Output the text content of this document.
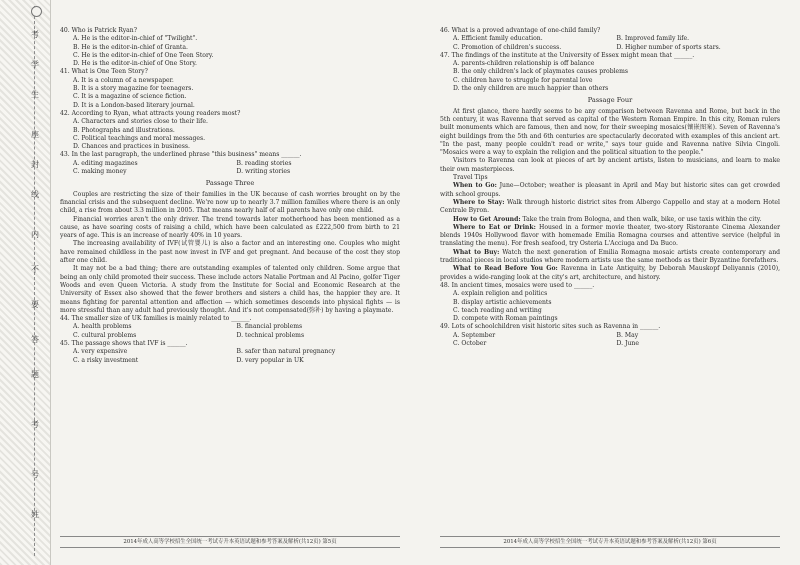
考
学
生
座
封
线
内
不
要
答
题
考
号
姓

40. Who is Patrick Ryan?

A. He is the editor-in-chief of "Twilight".

B. He is the editor-in-chief of Granta.

C. He is the editor-in-chief of One Teen Story.

D. He is the editor-in-chief of One Story.

41. What is One Teen Story?

A. It is a column of a newspaper.

B. It is a story magazine for teenagers.

C. It is a magazine of science fiction.

D. It is a London-based literary journal.

42. According to Ryan, what attracts young readers most?

A. Characters and stories close to their life.

B. Photographs and illustrations.

C. Political teachings and moral messages.

D. Chances and practices in business.

43. In the last paragraph, the underlined phrase "this business" means ______.

A. editing magazines	B. reading stories
C. making money	D. writing stories

Passage Three

Couples are restricting the size of their families in the UK because of cash worries brought on by the financial crisis and the subsequent decline. We're now up to nearly 3.7 million families where there is an only child, a rise from about 3.3 million in 2005. That means nearly half of all parents have only one child.

Financial worries aren't the only driver. The trend towards later motherhood has been mentioned as a cause, as have soaring costs of raising a child, which have been calculated as £222,500 from birth to 21 years of age. This is an increase of nearly 40% in 10 years.

The increasing availability of IVF(试管婴儿) is also a factor and an interesting one. Couples who might have remained childless in the past now invest in IVF and get pregnant. And because of the cost they stop after one child.

It may not be a bad thing; there are outstanding examples of talented only children. Some argue that being an only child promoted their success. These include actors Natalie Portman and Al Pacino, golfer Tiger Woods and even Queen Victoria. A study from the Institute for Social and Economic Research at the University of Essex also showed that the fewer brothers and sisters a child has, the happier they are. It means fighting for parental attention and affection — which sometimes descends into physical fights — is more stressful than any adult had previously thought. And it's not compensated(弥补) by having a playmate.

44. The smaller size of UK families is mainly related to ______.

A. health problems	B. financial problems
C. cultural problems	D. technical problems

45. The passage shows that IVF is ______.

A. very expensive	B. safer than natural pregnancy
C. a risky investment	D. very popular in UK
2014年成人高等学校招生全国统一考试专升本英语试题和参考答案及解析(共12页) 第5页

46. What is a proved advantage of one-child family?

A. Efficient family education.	B. Improved family life.
C. Promotion of children's success.	D. Higher number of sports stars.

47. The findings of the institute at the University of Essex might mean that ______.

A. parents-children relationship is off balance

B. the only children's lack of playmates causes problems

C. children have to struggle for parental love

D. the only children are much happier than others

Passage Four

At first glance, there hardly seems to be any comparison between Ravenna and Rome, but back in the 5th century, it was Ravenna that served as capital of the Western Roman Empire. In this city, Roman rulers built monuments which are famous, then and now, for their sweeping mosaics(镶嵌图案). Seven of Ravenna's eight buildings from the 5th and 6th centuries are spectacularly decorated with examples of this ancient art. "In the past, many people couldn't read or write," says tour guide and Ravenna native Silvia Cingoli. "Mosaics were a way to explain the religion and the political situation to the people."

Visitors to Ravenna can look at pieces of art by ancient artists, listen to musicians, and learn to make their own masterpieces.

Travel Tips

When to Go: June—October; weather is pleasant in April and May but historic sites can get crowded with school groups.

Where to Stay: Walk through historic district sites from Albergo Cappello and stay at a modern Hotel Centrale Byron.

How to Get Around: Take the train from Bologna, and then walk, bike, or use taxis within the city.

Where to Eat or Drink: Housed in a former movie theater, two-story Ristorante Cinema Alexander blends 1940s Hollywood flavor with homemade Emilia Romagna courses and attentive service (helpful in translating the menu). For fresh seafood, try Osteria L'Acciuga and Da Buco.

What to Buy: Watch the next generation of Emilia Romagna mosaic artists create contemporary and traditional pieces in local studios where modern artists use the same methods as their Byzantine forefathers.

What to Read Before You Go: Ravenna in Late Antiquity, by Deborah Mauskopf Deliyannis (2010), provides a wide-ranging look at the city's art, architecture, and history.

48. In ancient times, mosaics were used to ______.

A. explain religion and politics

B. display artistic achievements

C. teach reading and writing

D. compete with Roman paintings

49. Lots of schoolchildren visit historic sites such as Ravenna in ______.

A. September	B. May
C. October	D. June
2014年成人高等学校招生全国统一考试专升本英语试题和参考答案及解析(共12页) 第6页
